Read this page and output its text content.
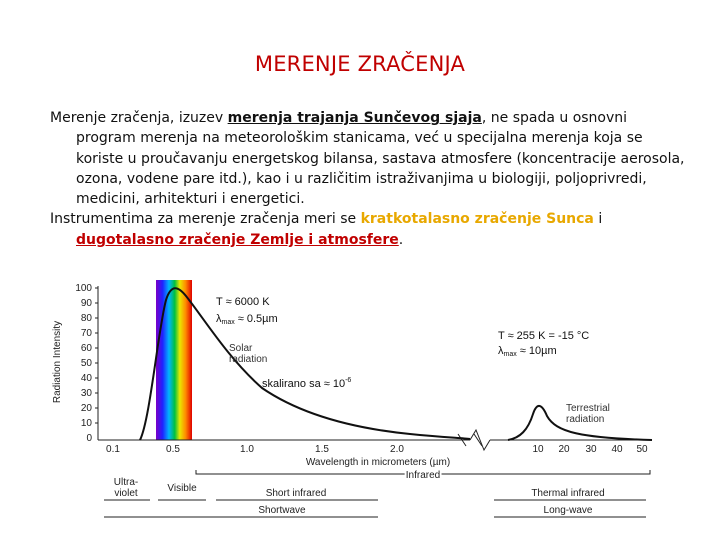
MERENJE ZRAČENJA
Merenje zračenja, izuzev merenja trajanja Sunčevog sjaja, ne spada u osnovni program merenja na meteorološkim stanicama, već u specijalna merenja koja se koriste u proučavanju energetskog bilansa, sastava atmosfere (koncentracije aerosola, ozona, vodene pare itd.), kao i u različitim istraživanjima u biologiji, poljoprivredi, medicini, arhitekturi i energetici.
Instrumentima za merenje zračenja meri se kratkotalasno zračenje Sunca i dugotalasno zračenje Zemlje i atmosfere.
100
90
80
70
60
50
40
30
20
10
0
Radiation Intensity
0.1	0.5	1.0	1.5	2.0	10 20 30 40 50
Wavelength in micrometers (µm)
Solar
radiation
Terrestrial
radiation
Infrared
Ultra-
violet	Visible	Short infrared	Thermal infrared
Shortwave	Long-wave
T ≈ 6000 K
λmax ≈ 0.5µm
T ≈ 255 K = -15 °C
λmax ≈ 10µm
skalirano sa ≈ $10^{-6}$
